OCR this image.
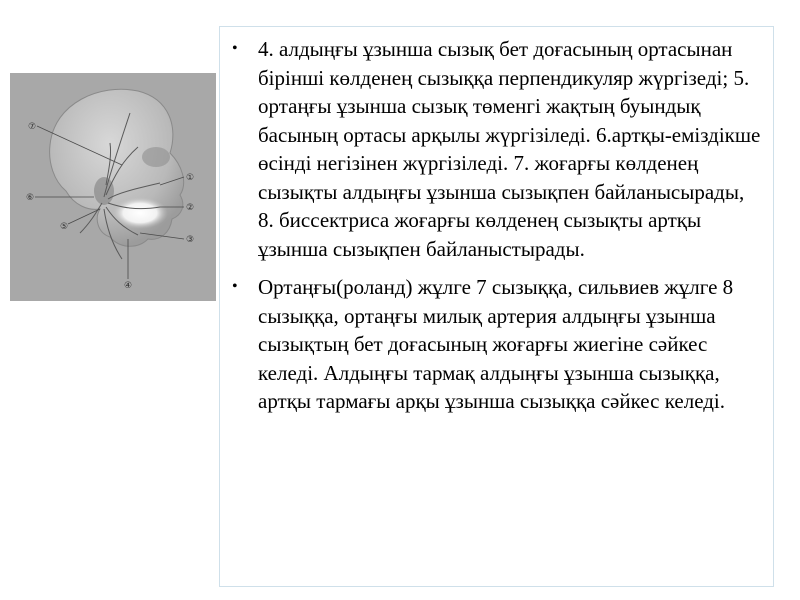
⑦
⑥
⑤
④
①
②
③
• 4. алдыңғы ұзынша сызық бет доғасының ортасынан бірінші көлденең сызыққа перпендикуляр жүргізеді; 5. ортаңғы ұзынша сызық төменгі жақтың буындық басының ортасы арқылы жүргізіледі. 6.артқы-еміздікше өсінді негізінен жүргізіледі. 7. жоғарғы көлденең сызықты алдыңғы ұзынша сызықпен байланысырады, 8. биссектриса жоғарғы көлденең сызықты артқы ұзынша сызықпен байланыстырады.
• Ортаңғы(роланд) жұлге 7 сызыққа, сильвиев жұлге 8 сызыққа, ортаңғы милық артерия алдыңғы ұзынша сызықтың бет доғасының жоғарғы жиегіне сәйкес келеді. Алдыңғы тармақ алдыңғы ұзынша сызыққа, артқы тармағы арқы ұзынша сызыққа сәйкес келеді.
